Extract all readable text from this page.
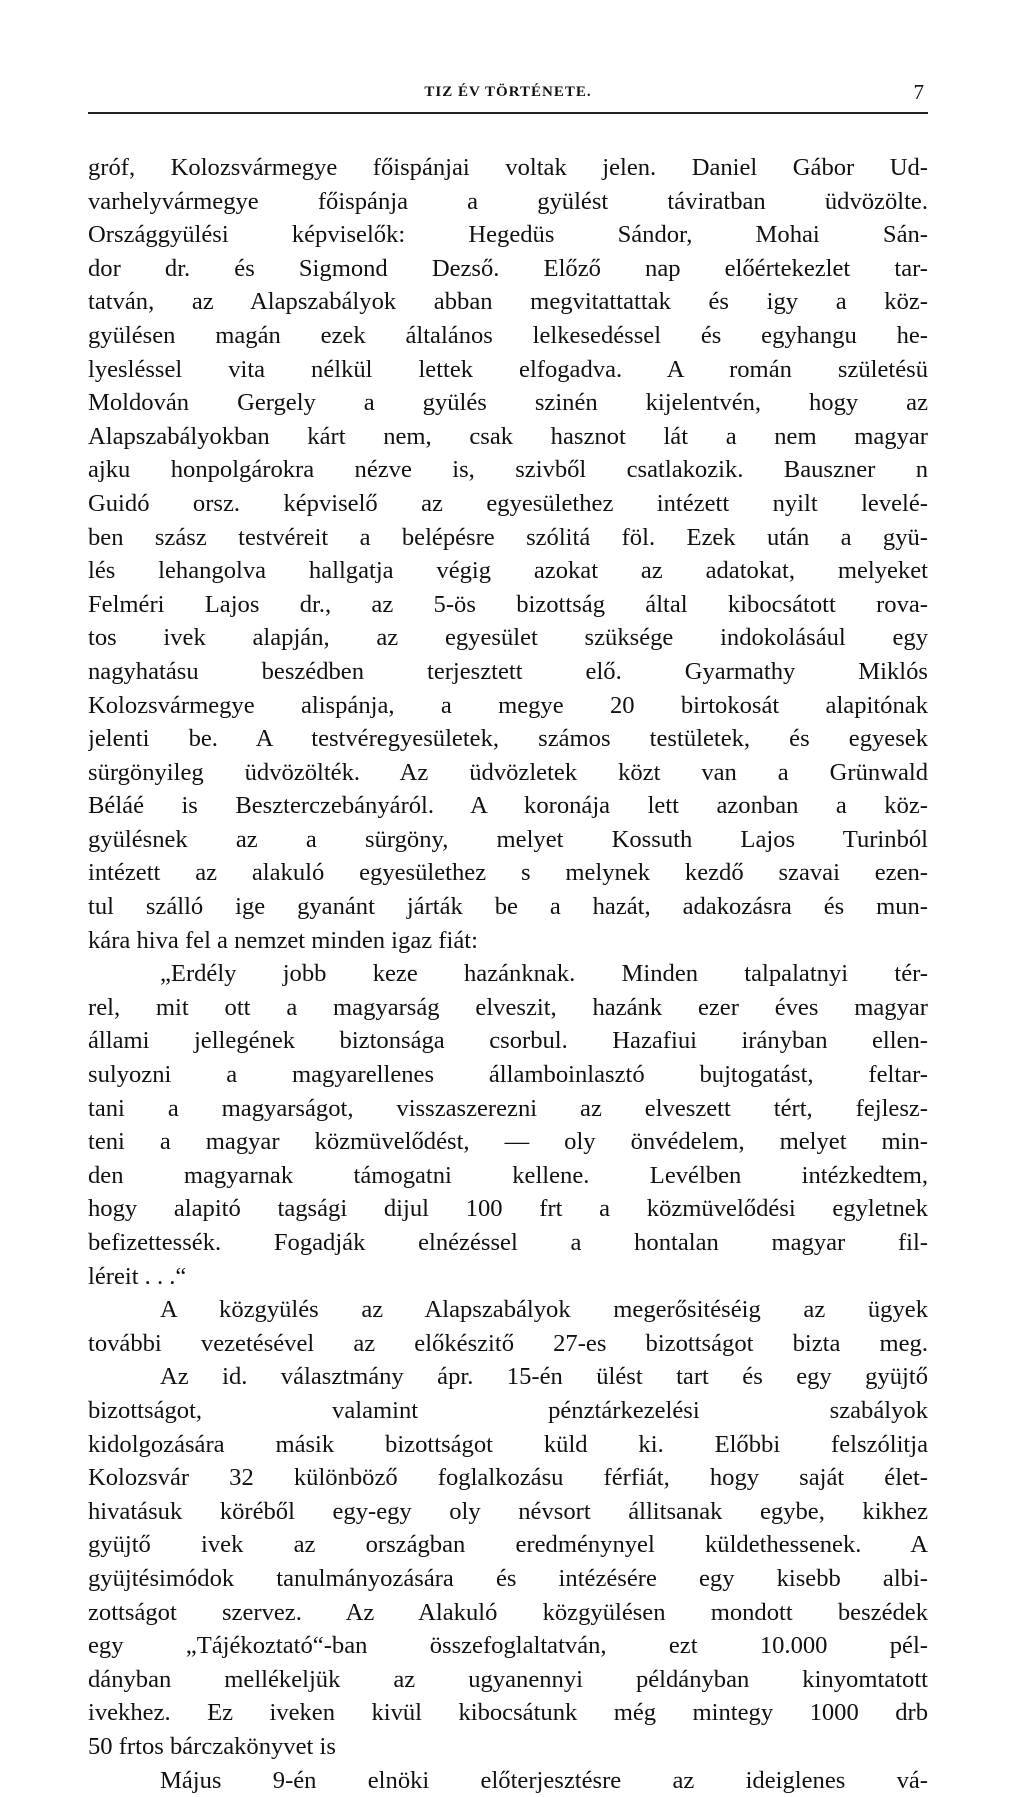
TIZ ÉV TÖRTÉNETE.	7
gróf, Kolozsvármegye főispánjai voltak jelen. Daniel Gábor Ud-
varhelyvármegye főispánja a gyülést táviratban üdvözölte.
Országgyülési képviselők: Hegedüs Sándor, Mohai Sán-
dor dr. és Sigmond Dezső. Előző nap előértekezlet tar-
tatván, az Alapszabályok abban megvitattattak és igy a köz-
gyülésen magán ezek általános lelkesedéssel és egyhangu he-
lyesléssel vita nélkül lettek elfogadva. A román születésü
Moldován Gergely a gyülés szinén kijelentvén, hogy az
Alapszabályokban kárt nem, csak hasznot lát a nem magyar
ajku honpolgárokra nézve is, szivből csatlakozik. Bauszner n
Guidó orsz. képviselő az egyesülethez intézett nyilt levelé-
ben szász testvéreit a belépésre szólitá föl. Ezek után a gyü-
lés lehangolva hallgatja végig azokat az adatokat, melyeket
Felméri Lajos dr., az 5-ös bizottság által kibocsátott rova-
tos ivek alapján, az egyesület szüksége indokolásául egy
nagyhatásu beszédben terjesztett elő. Gyarmathy Miklós
Kolozsvármegye alispánja, a megye 20 birtokosát alapitónak
jelenti be. A testvéregyesületek, számos testületek, és egyesek
sürgönyileg üdvözölték. Az üdvözletek közt van a Grünwald
Béláé is Beszterczebányáról. A koronája lett azonban a köz-
gyülésnek az a sürgöny, melyet Kossuth Lajos Turinból
intézett az alakuló egyesülethez s melynek kezdő szavai ezen-
tul szálló ige gyanánt járták be a hazát, adakozásra és mun-
kára hiva fel a nemzet minden igaz fiát:
„Erdély jobb keze hazánknak. Minden talpalatnyi tér-
rel, mit ott a magyarság elveszit, hazánk ezer éves magyar
állami jellegének biztonsága csorbul. Hazafiui irányban ellen-
sulyozni a magyarellenes államboinlasztó bujtogatást, feltar-
tani a magyarságot, visszaszerezni az elveszett tért, fejlesz-
teni a magyar közmüvelődést, — oly önvédelem, melyet min-
den magyarnak támogatni kellene. Levélben intézkedtem,
hogy alapitó tagsági dijul 100 frt a közmüvelődési egyletnek
befizettessék. Fogadják elnézéssel a hontalan magyar fil-
léreit . . .“
A közgyülés az Alapszabályok megerősitéséig az ügyek
további vezetésével az előkészitő 27-es bizottságot bizta meg.
Az id. választmány ápr. 15-én ülést tart és egy gyüjtő
bizottságot, valamint pénztárkezelési szabályok
kidolgozására másik bizottságot küld ki. Előbbi felszólitja
Kolozsvár 32 különböző foglalkozásu férfiát, hogy saját élet-
hivatásuk köréből egy-egy oly névsort állitsanak egybe, kikhez
gyüjtő ivek az országban eredménynyel küldethessenek. A
gyüjtésimódok tanulmányozására és intézésére egy kisebb albi-
zottságot szervez. Az Alakuló közgyülésen mondott beszédek
egy „Tájékoztató“-ban összefoglaltatván, ezt 10.000 pél-
dányban mellékeljük az ugyanennyi példányban kinyomtatott
ivekhez. Ez iveken kivül kibocsátunk még mintegy 1000 drb
50 frtos bárczakönyvet is
Május 9-én elnöki előterjesztésre az ideiglenes vá-
